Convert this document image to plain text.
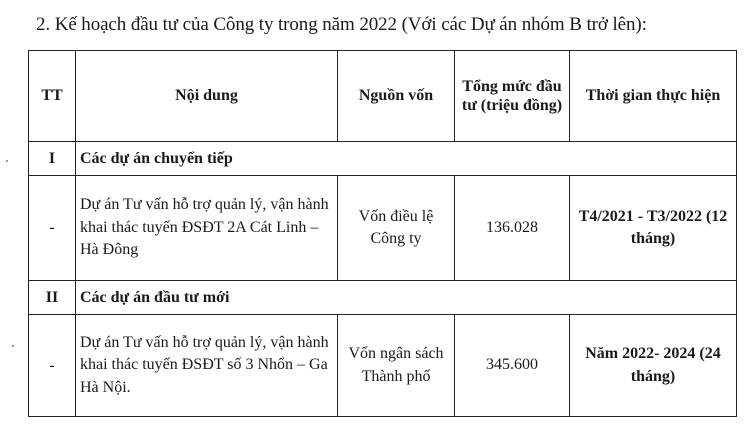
2. Kế hoạch đầu tư của Công ty trong năm 2022 (Với các Dự án nhóm B trở lên):
TT	Nội dung	Nguồn vốn	Tổng mức đầu tư (triệu đồng)	Thời gian thực hiện
I	Các dự án chuyển tiếp			
-	Dự án Tư vấn hỗ trợ quản lý, vận hành khai thác tuyến ĐSĐT 2A Cát Linh – Hà Đông	Vốn điều lệ Công ty	136.028	T4/2021 - T3/2022 (12 tháng)
II	Các dự án đầu tư mới			
-	Dự án Tư vấn hỗ trợ quản lý, vận hành khai thác tuyến ĐSĐT số 3 Nhổn – Ga Hà Nội.	Vốn ngân sách Thành phố	345.600	Năm 2022- 2024 (24 tháng)
